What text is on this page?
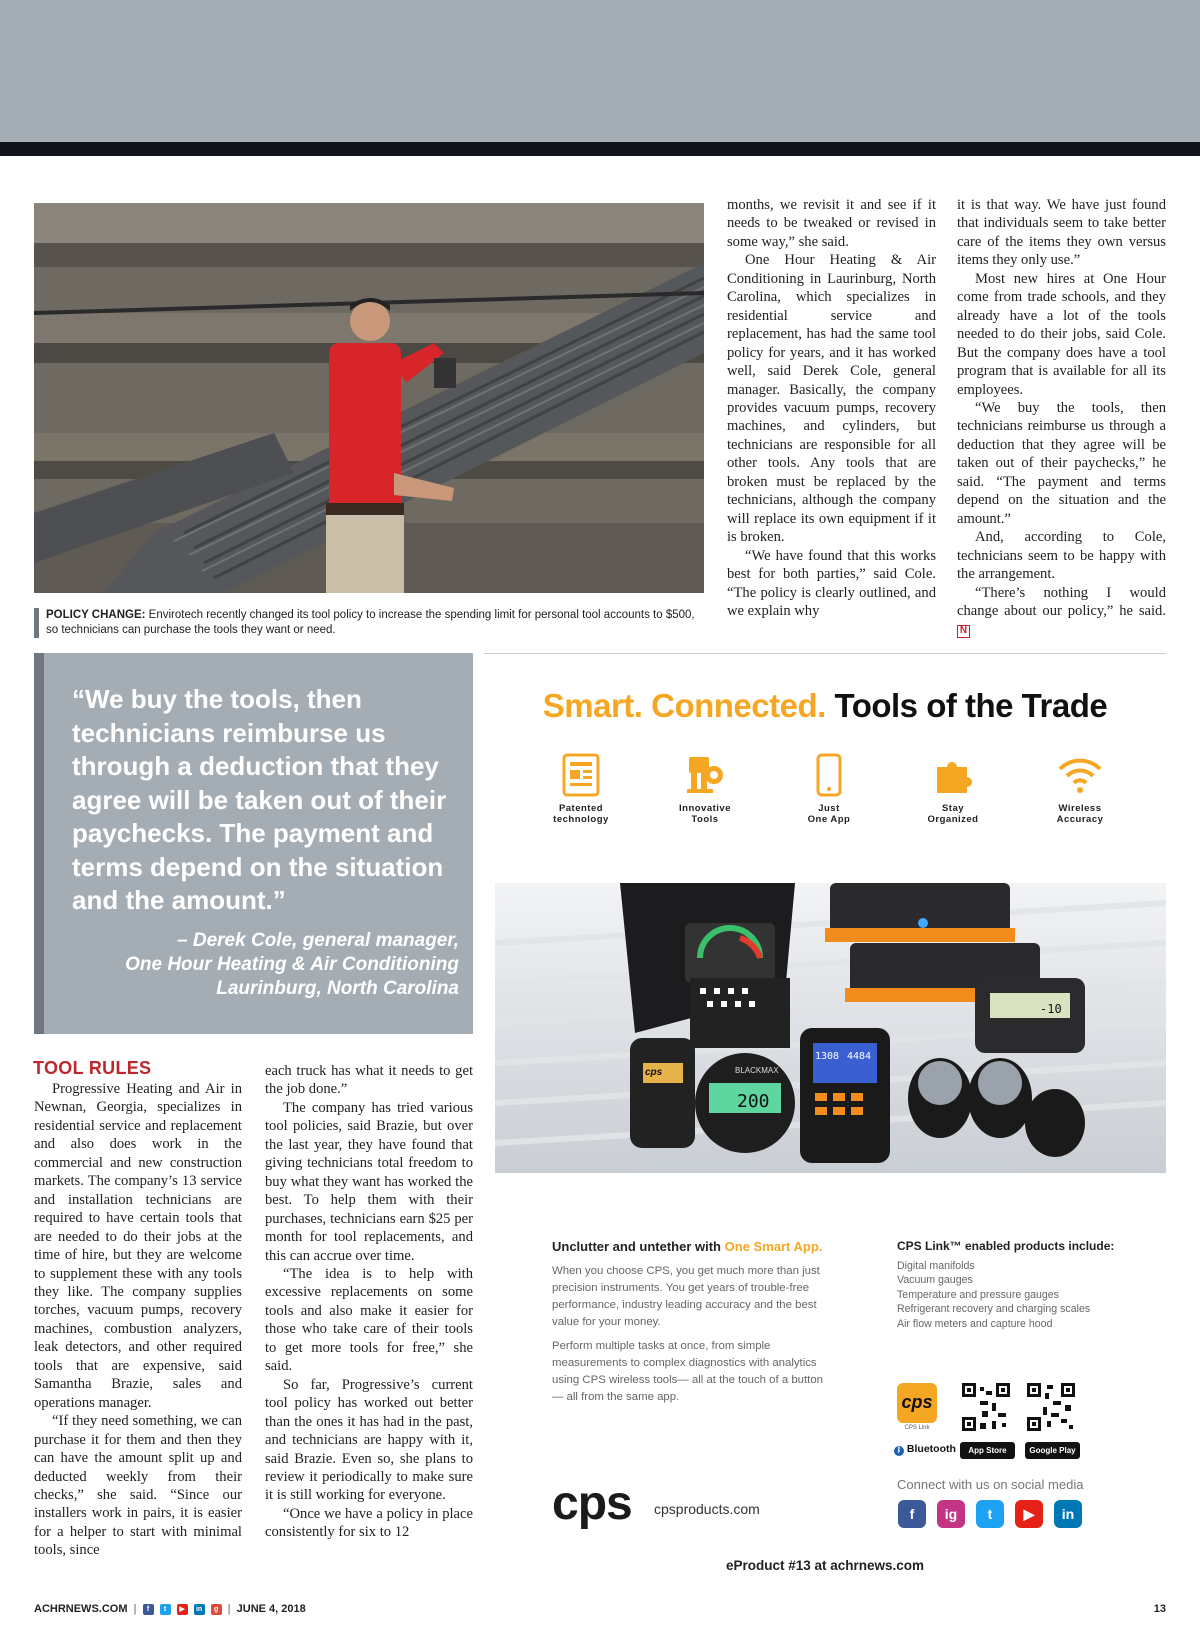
POLICY CHANGE: Envirotech recently changed its tool policy to increase the spending limit for personal tool accounts to $500, so technicians can purchase the tools they want or need.

months, we revisit it and see if it needs to be tweaked or revised in some way,” she said.

One Hour Heating & Air Conditioning in Laurinburg, North Carolina, which specializes in residential service and replacement, has had the same tool policy for years, and it has worked well, said Derek Cole, general manager. Basically, the company provides vacuum pumps, recovery machines, and cylinders, but technicians are responsible for all other tools. Any tools that are broken must be replaced by the technicians, although the company will replace its own equipment if it is broken.

“We have found that this works best for both parties,” said Cole. “The policy is clearly outlined, and we explain why

it is that way. We have just found that individuals seem to take better care of the items they own versus items they only use.”

Most new hires at One Hour come from trade schools, and they already have a lot of the tools needed to do their jobs, said Cole. But the company does have a tool program that is available for all its employees.

“We buy the tools, then technicians reimburse us through a deduction that they agree will be taken out of their paychecks,” he said. “The payment and terms depend on the situation and the amount.”

And, according to Cole, technicians seem to be happy with the arrangement.

“There’s nothing I would change about our policy,” he said. N

“We buy the tools, then technicians reimburse us through a deduction that they agree will be taken out of their paychecks. The payment and terms depend on the situation and the amount.”
– Derek Cole, general manager,
One Hour Heating & Air Conditioning
Laurinburg, North Carolina
TOOL RULES

Progressive Heating and Air in Newnan, Georgia, specializes in residential service and replacement and also does work in the commercial and new construction markets. The company’s 13 service and installation technicians are required to have certain tools that are needed to do their jobs at the time of hire, but they are welcome to supplement these with any tools they like. The company supplies torches, vacuum pumps, recovery machines, combustion analyzers, leak detectors, and other required tools that are expensive, said Samantha Brazie, sales and operations manager.

“If they need something, we can purchase it for them and then they can have the amount split up and deducted weekly from their checks,” she said. “Since our installers work in pairs, it is easier for a helper to start with minimal tools, since

each truck has what it needs to get the job done.”

The company has tried various tool policies, said Brazie, but over the last year, they have found that giving technicians total freedom to buy what they want has worked the best. To help them with their purchases, technicians earn $25 per month for tool replacements, and this can accrue over time.

“The idea is to help with excessive replacements on some tools and also make it easier for those who take care of their tools to get more tools for free,” she said.

So far, Progressive’s current tool policy has worked out better than the ones it has had in the past, and technicians are happy with it, said Brazie. Even so, she plans to review it periodically to make sure it is still working for everyone.

“Once we have a policy in place consistently for six to 12

Smart. Connected. Tools of the Trade
Patented
technology
Innovative
Tools
Just
One App
Stay
Organized
Wireless
Accuracy
200
BLACKMAX
1308 4484
-10
cps
Unclutter and untether with One Smart App.
When you choose CPS, you get much more than just precision instruments. You get years of trouble-free performance, industry leading accuracy and the best value for your money.
Perform multiple tasks at once, from simple measurements to complex diagnostics with analytics using CPS wireless tools— all at the touch of a button— all from the same app.
CPS Link™ enabled products include:
Digital manifolds
Vacuum gauges
Temperature and pressure gauges
Refrigerant recovery and charging scales
Air flow meters and capture hood
cps
CPS Link
ᛒ Bluetooth	App Store	Google Play
cps cpsproducts.com
Connect with us on social media
f	ig	t	▶	in
eProduct #13 at achrnews.com
ACHRNEWS.COM |	f	t	▶	in	g | JUNE 4, 2018	13
